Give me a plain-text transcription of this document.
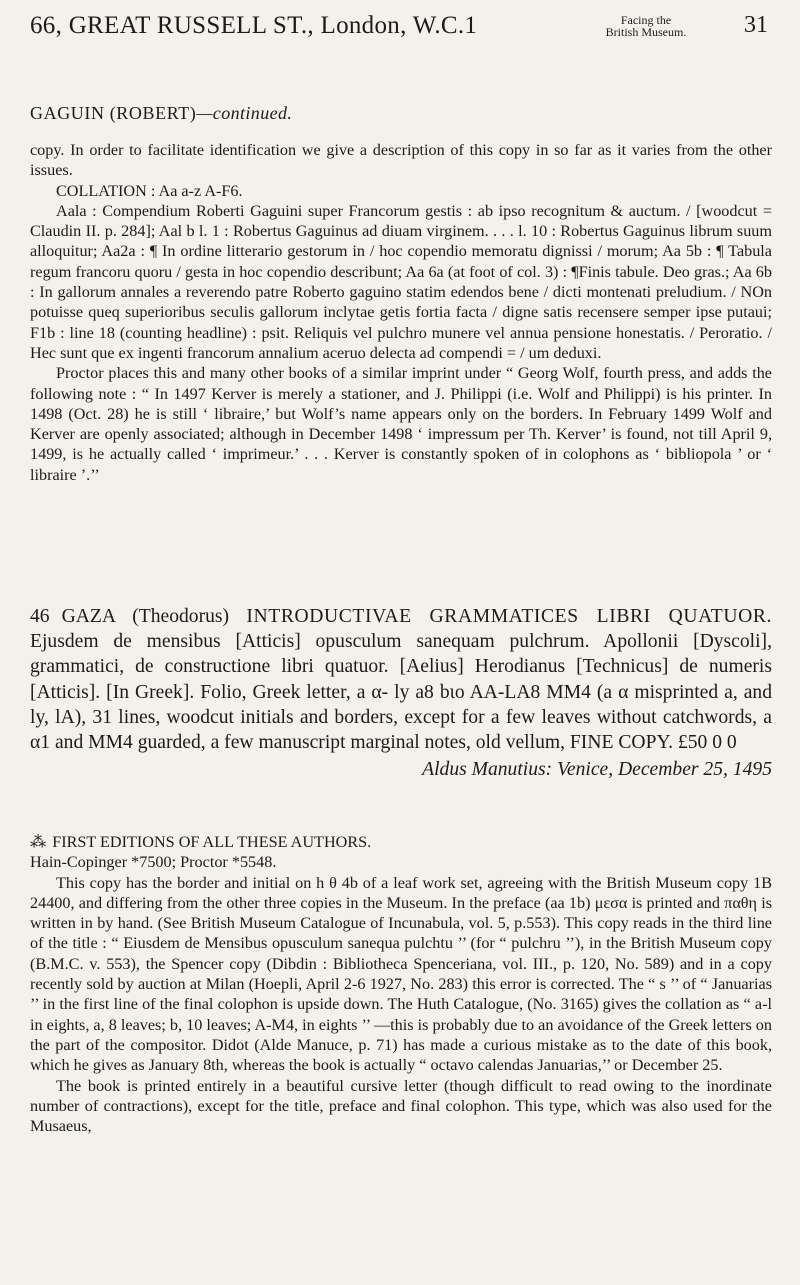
66, GREAT RUSSELL ST., London, W.C.1	Facing the
British Museum.	31
GAGUIN (ROBERT)—continued.

copy. In order to facilitate identification we give a description of this copy in so far as it varies from the other issues.

COLLATION : Aa a-z A-F6.

Aala : Compendium Roberti Gaguini super Francorum gestis : ab ipso recognitum & auctum. / [woodcut = Claudin II. p. 284]; Aal b l. 1 : Robertus Gaguinus ad diuam virginem. . . . l. 10 : Robertus Gaguinus librum suum alloquitur; Aa2a : ¶ In ordine litterario gestorum in / hoc copendio memoratu dignissi / morum; Aa 5b : ¶ Tabula regum francoru quoru / gesta in hoc copendio describunt; Aa 6a (at foot of col. 3) : ¶Finis tabule. Deo gras.; Aa 6b : In gallorum annales a reverendo patre Roberto gaguino statim edendos bene / dicti montenati preludium. / NOn potuisse queq superioribus seculis gallorum inclytae getis fortia facta / digne satis recensere semper ipse putaui; F1b : line 18 (counting headline) : psit. Reliquis vel pulchro munere vel annua pensione honestatis. / Peroratio. / Hec sunt que ex ingenti francorum annalium aceruo delecta ad compendi = / um deduxi.

Proctor places this and many other books of a similar imprint under “ Georg Wolf, fourth press, and adds the following note : “ In 1497 Kerver is merely a stationer, and J. Philippi (i.e. Wolf and Philippi) is his printer. In 1498 (Oct. 28) he is still ‘ libraire,’ but Wolf’s name appears only on the borders. In February 1499 Wolf and Kerver are openly associated; although in December 1498 ‘ impressum per Th. Kerver’ is found, not till April 9, 1499, is he actually called ‘ imprimeur.’ . . . Kerver is constantly spoken of in colophons as ‘ bibliopola ’ or ‘ libraire ’.’’

46 GAZA (Theodorus) INTRODUCTIVAE GRAMMATICES LIBRI QUATUOR. Ejusdem de mensibus [Atticis] opusculum sanequam pulchrum. Apollonii [Dyscoli], grammatici, de constructione libri quatuor. [Aelius] Herodianus [Technicus] de numeris [Atticis]. [In Greek]. Folio, Greek letter, a α- ly a8 bιo AA-LA8 MM4 (a α misprinted a, and ly, lA), 31 lines, woodcut initials and borders, except for a few leaves without catchwords, a α1 and MM4 guarded, a few manuscript marginal notes, old vellum, FINE COPY. £50 0 0

Aldus Manutius: Venice, December 25, 1495

⁂ FIRST EDITIONS OF ALL THESE AUTHORS.

Hain-Copinger *7500; Proctor *5548.

This copy has the border and initial on h θ 4b of a leaf work set, agreeing with the British Museum copy 1B 24400, and differing from the other three copies in the Museum. In the preface (aa 1b) μεσα is printed and παθη is written in by hand. (See British Museum Catalogue of Incunabula, vol. 5, p.553). This copy reads in the third line of the title : “ Eiusdem de Mensibus opusculum sanequa pulchtu ’’ (for “ pulchru ’’), in the British Museum copy (B.M.C. v. 553), the Spencer copy (Dibdin : Bibliotheca Spenceriana, vol. III., p. 120, No. 589) and in a copy recently sold by auction at Milan (Hoepli, April 2-6 1927, No. 283) this error is corrected. The “ s ’’ of “ Januarias ’’ in the first line of the final colophon is upside down. The Huth Catalogue, (No. 3165) gives the collation as “ a-l in eights, a, 8 leaves; b, 10 leaves; A-M4, in eights ’’ —this is probably due to an avoidance of the Greek letters on the part of the compositor. Didot (Alde Manuce, p. 71) has made a curious mistake as to the date of this book, which he gives as January 8th, whereas the book is actually “ octavo calendas Januarias,’’ or December 25.

The book is printed entirely in a beautiful cursive letter (though difficult to read owing to the inordinate number of contractions), except for the title, preface and final colophon. This type, which was also used for the Musaeus,
